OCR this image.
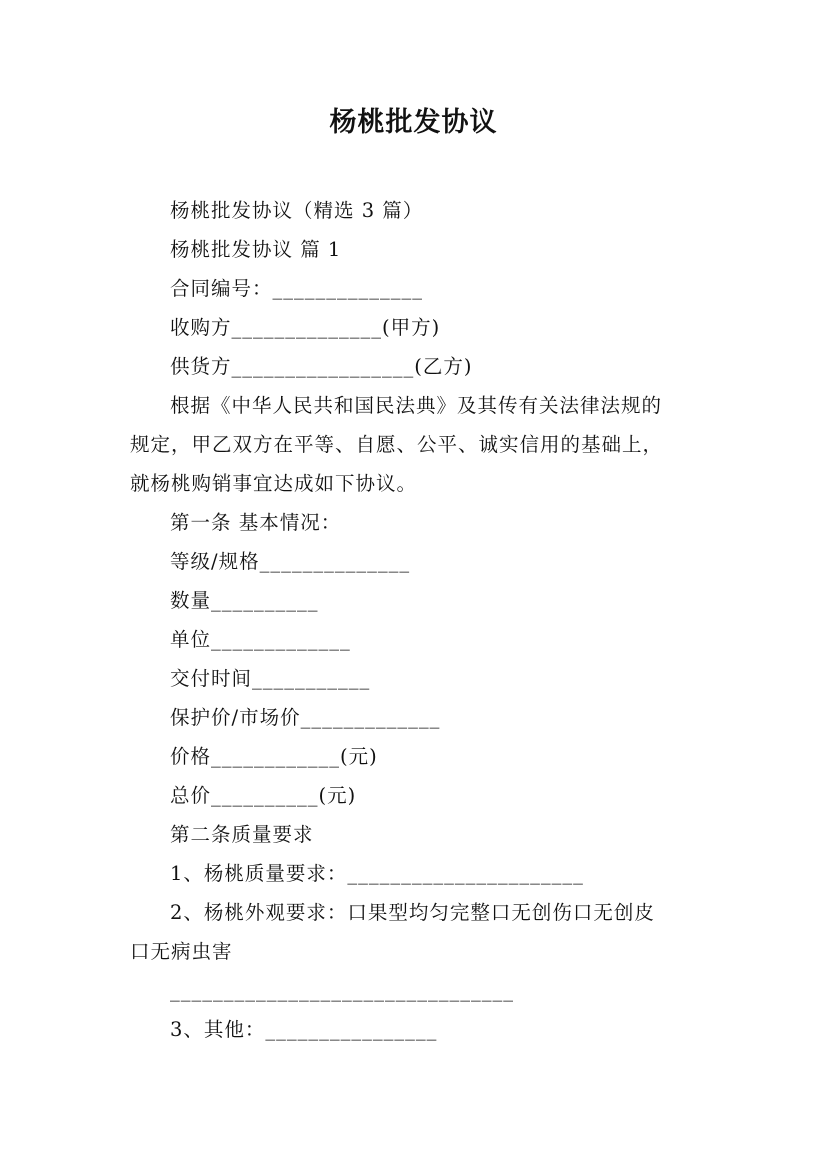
杨桃批发协议
杨桃批发协议（精选 3 篇）
杨桃批发协议 篇 1
合同编号：______________
收购方______________(甲方)
供货方_________________(乙方)
根据《中华人民共和国民法典》及其传有关法律法规的
规定，甲乙双方在平等、自愿、公平、诚实信用的基础上，
就杨桃购销事宜达成如下协议。
第一条 基本情况：
等级/规格______________
数量__________
单位_____________
交付时间___________
保护价/市场价_____________
价格____________(元)
总价__________(元)
第二条质量要求
1、杨桃质量要求：______________________
2、杨桃外观要求：口果型均匀完整口无创伤口无创皮
口无病虫害
________________________________
3、其他：________________
